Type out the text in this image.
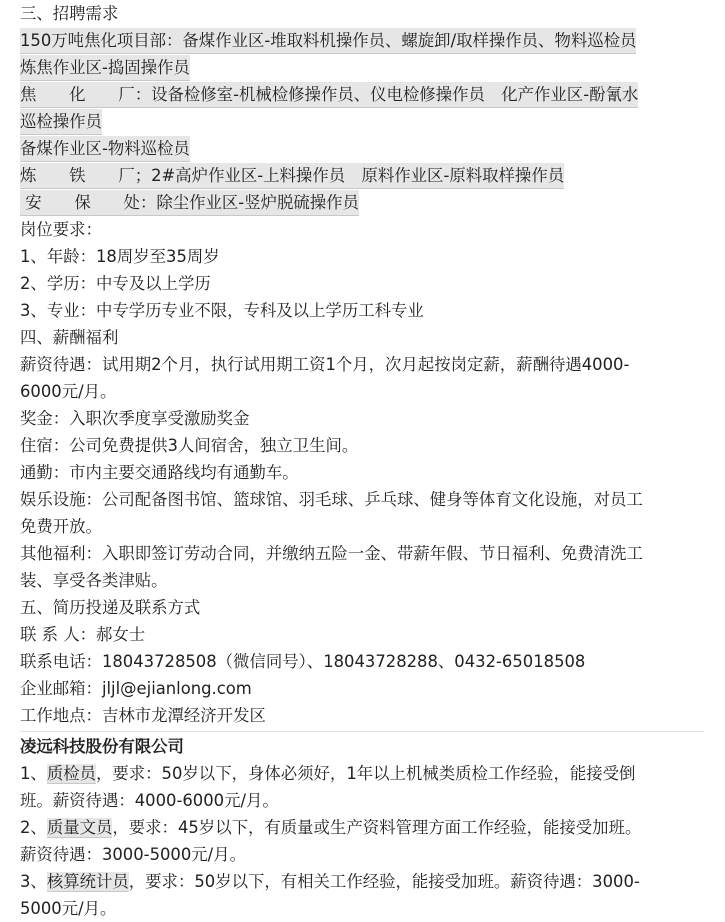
三、招聘需求
150万吨焦化项目部：备煤作业区-堆取料机操作员、螺旋卸/取样操作员、物料巡检员
炼焦作业区-捣固操作员
焦　　化　　厂：设备检修室-机械检修操作员、仪电检修操作员　化产作业区-酚氰水
巡检操作员
备煤作业区-物料巡检员
炼　　铁　　厂；2#高炉作业区-上料操作员　原料作业区-原料取样操作员
安　　保　　处：除尘作业区-竖炉脱硫操作员
岗位要求：
1、年龄：18周岁至35周岁
2、学历：中专及以上学历
3、专业：中专学历专业不限，专科及以上学历工科专业
四、薪酬福利
薪资待遇：试用期2个月，执行试用期工资1个月，次月起按岗定薪，薪酬待遇4000-
6000元/月。
奖金：入职次季度享受激励奖金
住宿：公司免费提供3人间宿舍，独立卫生间。
通勤：市内主要交通路线均有通勤车。
娱乐设施：公司配备图书馆、篮球馆、羽毛球、乒乓球、健身等体育文化设施，对员工
免费开放。
其他福利：入职即签订劳动合同，并缴纳五险一金、带薪年假、节日福利、免费清洗工
装、享受各类津贴。
五、简历投递及联系方式
联 系 人：郝女士
联系电话：18043728508（微信同号）、18043728288、0432-65018508
企业邮箱：jljl@ejianlong.com
工作地点：吉林市龙潭经济开发区
凌远科技股份有限公司
1、质检员，要求：50岁以下，身体必须好，1年以上机械类质检工作经验，能接受倒
班。薪资待遇：4000-6000元/月。
2、质量文员，要求：45岁以下，有质量或生产资料管理方面工作经验，能接受加班。
薪资待遇：3000-5000元/月。
3、核算统计员，要求：50岁以下，有相关工作经验，能接受加班。薪资待遇：3000-
5000元/月。
